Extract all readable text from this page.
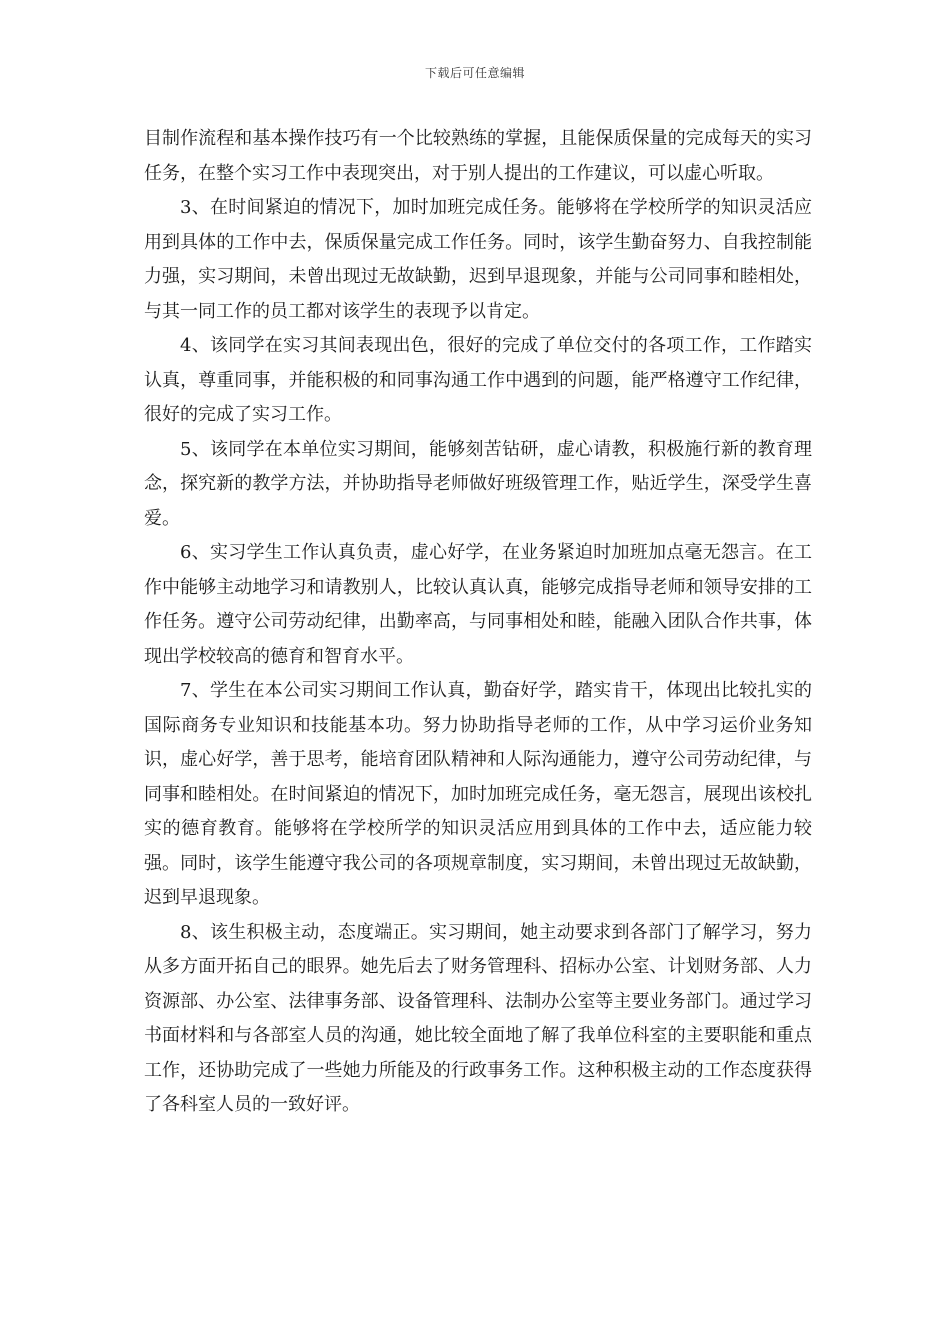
下载后可任意编辑

目制作流程和基本操作技巧有一个比较熟练的掌握，且能保质保量的完成每天的实习任务，在整个实习工作中表现突出，对于别人提出的工作建议，可以虚心听取。

3、在时间紧迫的情况下，加时加班完成任务。能够将在学校所学的知识灵活应用到具体的工作中去，保质保量完成工作任务。同时，该学生勤奋努力、自我控制能力强，实习期间，未曾出现过无故缺勤，迟到早退现象，并能与公司同事和睦相处，与其一同工作的员工都对该学生的表现予以肯定。

4、该同学在实习其间表现出色，很好的完成了单位交付的各项工作，工作踏实认真，尊重同事，并能积极的和同事沟通工作中遇到的问题，能严格遵守工作纪律，很好的完成了实习工作。

5、该同学在本单位实习期间，能够刻苦钻研，虚心请教，积极施行新的教育理念，探究新的教学方法，并协助指导老师做好班级管理工作，贴近学生，深受学生喜爱。

6、实习学生工作认真负责，虚心好学，在业务紧迫时加班加点毫无怨言。在工作中能够主动地学习和请教别人，比较认真认真，能够完成指导老师和领导安排的工作任务。遵守公司劳动纪律，出勤率高，与同事相处和睦，能融入团队合作共事，体现出学校较高的德育和智育水平。

7、学生在本公司实习期间工作认真，勤奋好学，踏实肯干，体现出比较扎实的国际商务专业知识和技能基本功。努力协助指导老师的工作，从中学习运价业务知识，虚心好学，善于思考，能培育团队精神和人际沟通能力，遵守公司劳动纪律，与同事和睦相处。在时间紧迫的情况下，加时加班完成任务，毫无怨言，展现出该校扎实的德育教育。能够将在学校所学的知识灵活应用到具体的工作中去，适应能力较强。同时，该学生能遵守我公司的各项规章制度，实习期间，未曾出现过无故缺勤，迟到早退现象。

8、该生积极主动，态度端正。实习期间，她主动要求到各部门了解学习，努力从多方面开拓自己的眼界。她先后去了财务管理科、招标办公室、计划财务部、人力资源部、办公室、法律事务部、设备管理科、法制办公室等主要业务部门。通过学习书面材料和与各部室人员的沟通，她比较全面地了解了我单位科室的主要职能和重点工作，还协助完成了一些她力所能及的行政事务工作。这种积极主动的工作态度获得了各科室人员的一致好评。
